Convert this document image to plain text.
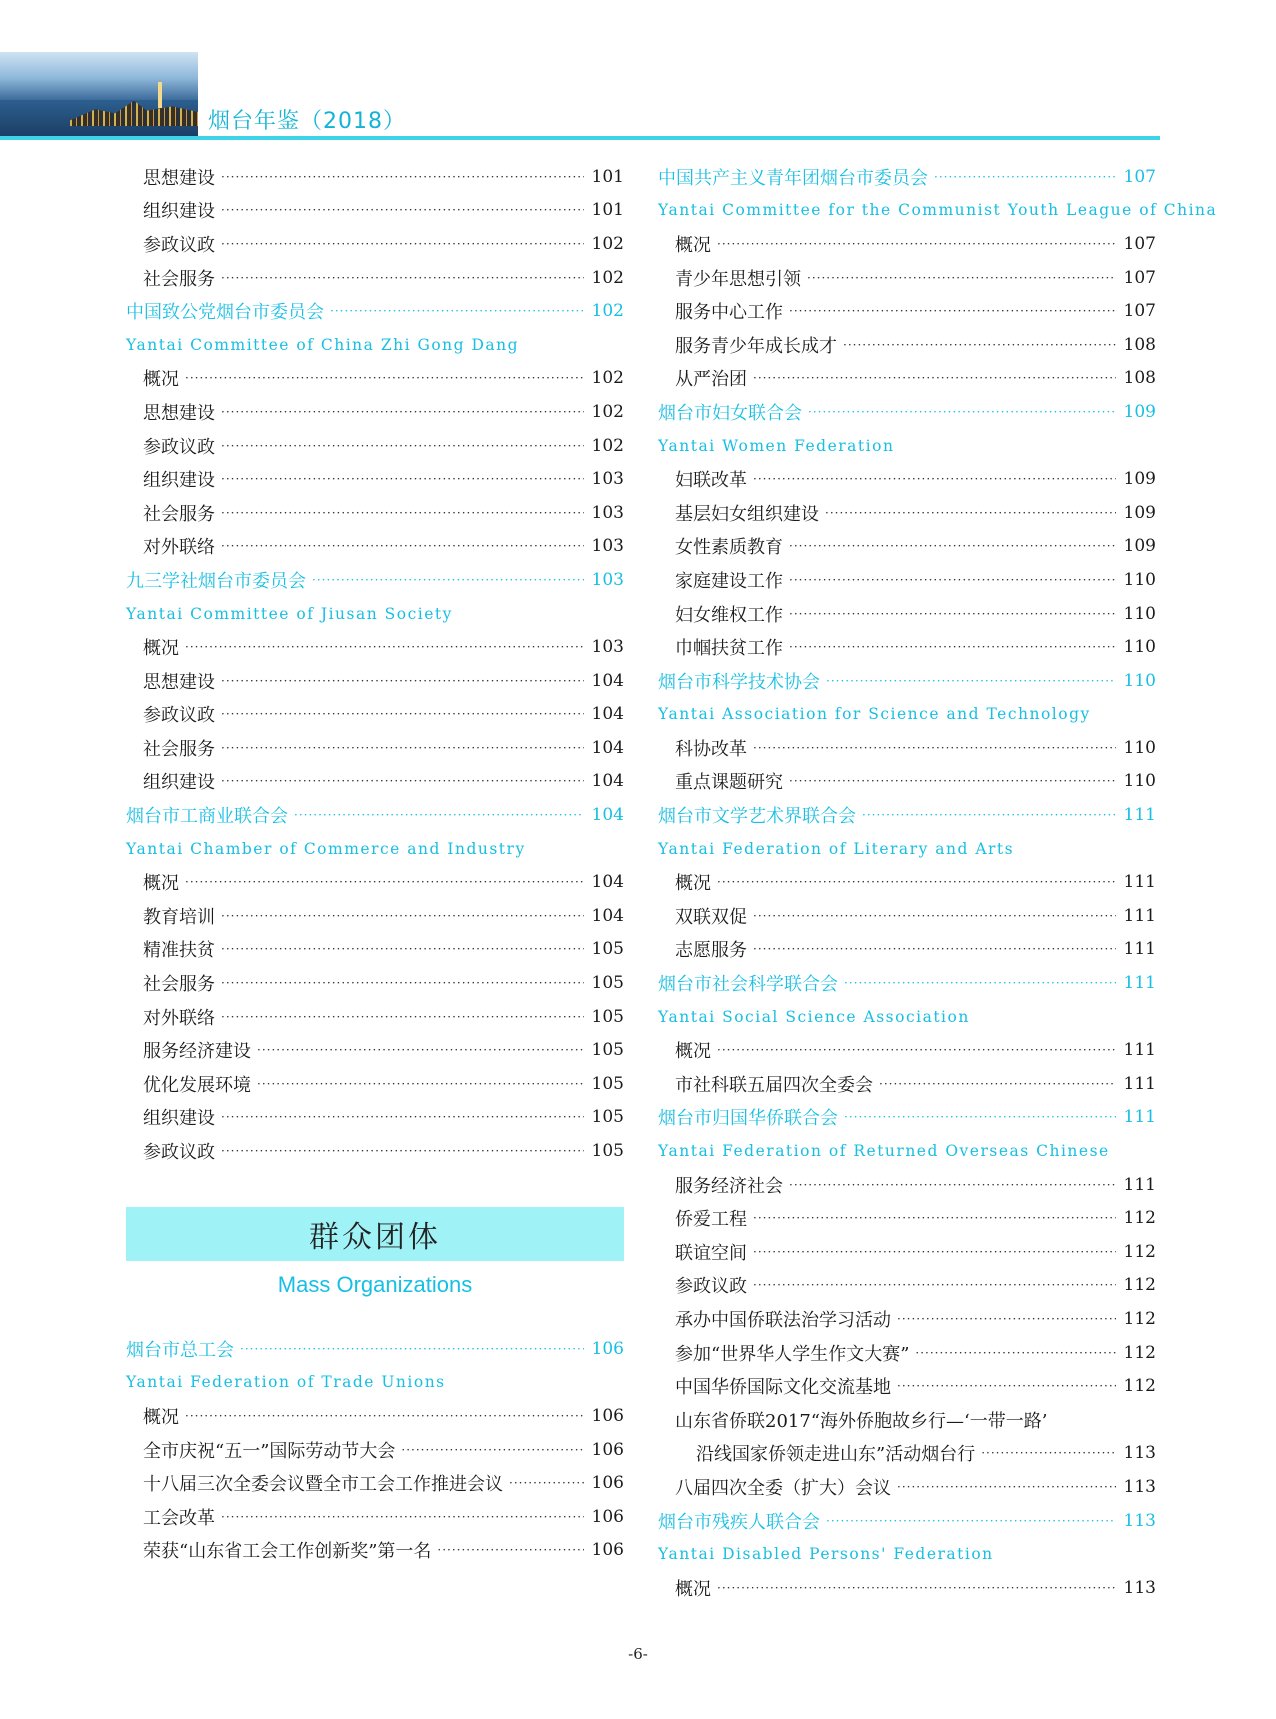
烟台年鉴（2018）
思想建设 ·····	101
组织建设 ·····	101
参政议政 ·····	102
社会服务 ·····	102
中国致公党烟台市委员会 ·····	102
Yantai Committee of China Zhi Gong Dang
概况 ·····	102
思想建设 ·····	102
参政议政 ·····	102
组织建设 ·····	103
社会服务 ·····	103
对外联络 ·····	103
九三学社烟台市委员会 ·····	103
Yantai Committee of Jiusan Society
概况 ·····	103
思想建设 ·····	104
参政议政 ·····	104
社会服务 ·····	104
组织建设 ·····	104
烟台市工商业联合会 ·····	104
Yantai Chamber of Commerce and Industry
概况 ·····	104
教育培训 ·····	104
精准扶贫 ·····	105
社会服务 ·····	105
对外联络 ·····	105
服务经济建设 ·····	105
优化发展环境 ·····	105
组织建设 ·····	105
参政议政 ·····	105
群众团体
Mass Organizations
烟台市总工会 ·····	106
Yantai Federation of Trade Unions
概况 ·····	106
全市庆祝“五一”国际劳动节大会 ·····	106
十八届三次全委会议暨全市工会工作推进会议 ·····	106
工会改革 ·····	106
荣获“山东省工会工作创新奖”第一名 ·····	106
中国共产主义青年团烟台市委员会 ·····	107
Yantai Committee for the Communist Youth League of China
概况 ·····	107
青少年思想引领 ·····	107
服务中心工作 ·····	107
服务青少年成长成才 ·····	108
从严治团 ·····	108
烟台市妇女联合会 ·····	109
Yantai Women Federation
妇联改革 ·····	109
基层妇女组织建设 ·····	109
女性素质教育 ·····	109
家庭建设工作 ·····	110
妇女维权工作 ·····	110
巾帼扶贫工作 ·····	110
烟台市科学技术协会 ·····	110
Yantai Association for Science and Technology
科协改革 ·····	110
重点课题研究 ·····	110
烟台市文学艺术界联合会 ·····	111
Yantai Federation of Literary and Arts
概况 ·····	111
双联双促 ·····	111
志愿服务 ·····	111
烟台市社会科学联合会 ·····	111
Yantai Social Science Association
概况 ·····	111
市社科联五届四次全委会 ·····	111
烟台市归国华侨联合会 ·····	111
Yantai Federation of Returned Overseas Chinese
服务经济社会 ·····	111
侨爱工程 ·····	112
联谊空间 ·····	112
参政议政 ·····	112
承办中国侨联法治学习活动 ·····	112
参加“世界华人学生作文大赛” ·····	112
中国华侨国际文化交流基地 ·····	112
山东省侨联2017“海外侨胞故乡行—‘一带一路’
沿线国家侨领走进山东”活动烟台行 ·····	113
八届四次全委（扩大）会议 ·····	113
烟台市残疾人联合会 ·····	113
Yantai Disabled Persons' Federation
概况 ·····	113
-6-
